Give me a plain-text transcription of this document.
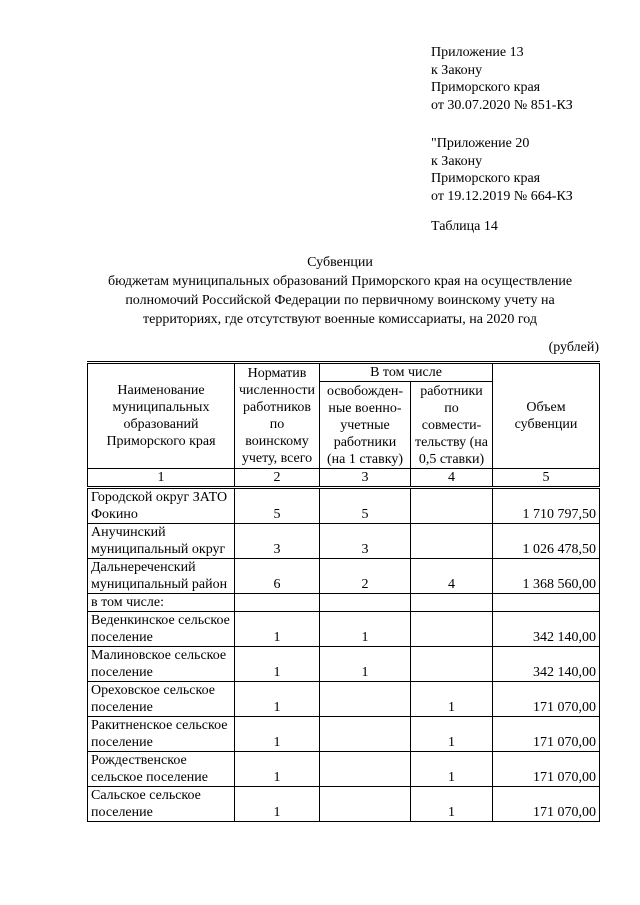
Приложение 13
к Закону
Приморского края
от 30.07.2020 № 851-КЗ
"Приложение 20
к Закону
Приморского края
от 19.12.2019 № 664-КЗ
Таблица 14
Субвенции
бюджетам муниципальных образований Приморского края на осуществление
полномочий Российской Федерации по первичному воинскому учету на
территориях, где отсутствуют военные комиссариаты, на 2020 год
(рублей)
Наименование муниципальных образований Приморского края	Норматив численности работников по воинскому учету, всего	В том числе		Объем субвенции
		освобожден-ные военно-учетные работники (на 1 ставку)	работники по совмести-тельству (на 0,5 ставки)	
1	2	3	4	5
Городской округ ЗАТО Фокино	5	5		1 710 797,50
Анучинский муниципальный округ	3	3		1 026 478,50
Дальнереченский муниципальный район	6	2	4	1 368 560,00
в том числе:				
Веденкинское сельское поселение	1	1		342 140,00
Малиновское сельское поселение	1	1		342 140,00
Ореховское сельское поселение	1		1	171 070,00
Ракитненское сельское поселение	1		1	171 070,00
Рождественское сельское поселение	1		1	171 070,00
Сальское сельское поселение	1		1	171 070,00
